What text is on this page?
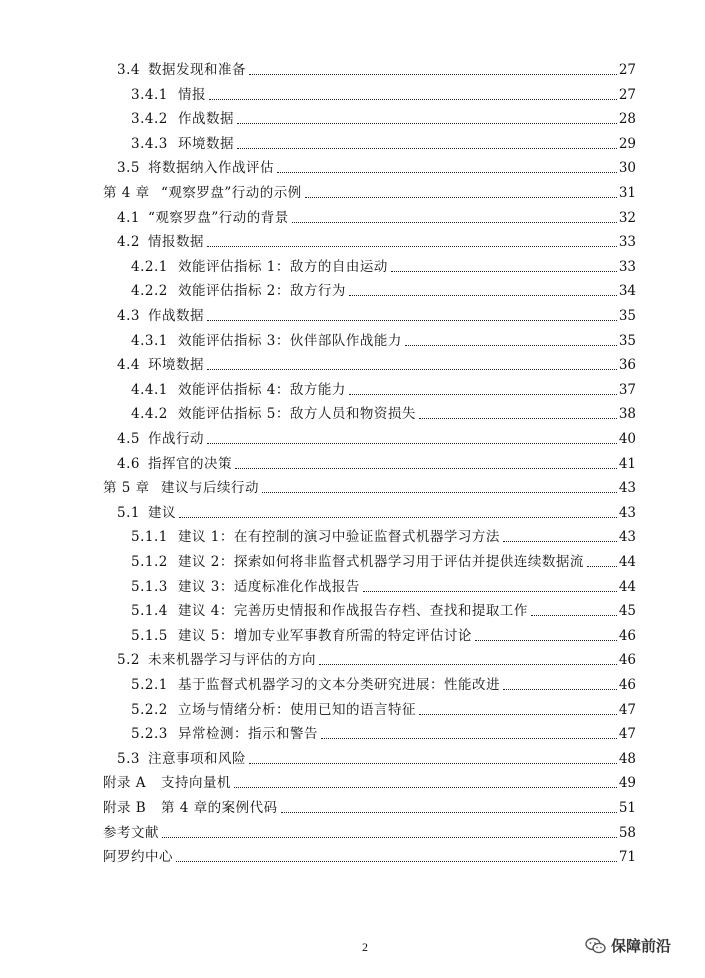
3.4 数据发现和准备	27
3.4.1 情报	27
3.4.2 作战数据	28
3.4.3 环境数据	29
3.5 将数据纳入作战评估	30
第 4 章 “观察罗盘”行动的示例	31
4.1 “观察罗盘”行动的背景	32
4.2 情报数据	33
4.2.1 效能评估指标 1：敌方的自由运动	33
4.2.2 效能评估指标 2：敌方行为	34
4.3 作战数据	35
4.3.1 效能评估指标 3：伙伴部队作战能力	35
4.4 环境数据	36
4.4.1 效能评估指标 4：敌方能力	37
4.4.2 效能评估指标 5：敌方人员和物资损失	38
4.5 作战行动	40
4.6 指挥官的决策	41
第 5 章 建议与后续行动	43
5.1 建议	43
5.1.1 建议 1：在有控制的演习中验证监督式机器学习方法	43
5.1.2 建议 2：探索如何将非监督式机器学习用于评估并提供连续数据流	44
5.1.3 建议 3：适度标准化作战报告	44
5.1.4 建议 4：完善历史情报和作战报告存档、查找和提取工作	45
5.1.5 建议 5：增加专业军事教育所需的特定评估讨论	46
5.2 未来机器学习与评估的方向	46
5.2.1 基于监督式机器学习的文本分类研究进展：性能改进	46
5.2.2 立场与情绪分析：使用已知的语言特征	47
5.2.3 异常检测：指示和警告	47
5.3 注意事项和风险	48
附录 A	支持向量机	49
附录 B	第 4 章的案例代码	51
参考文献	58
阿罗约中心	71
2	保障前沿
